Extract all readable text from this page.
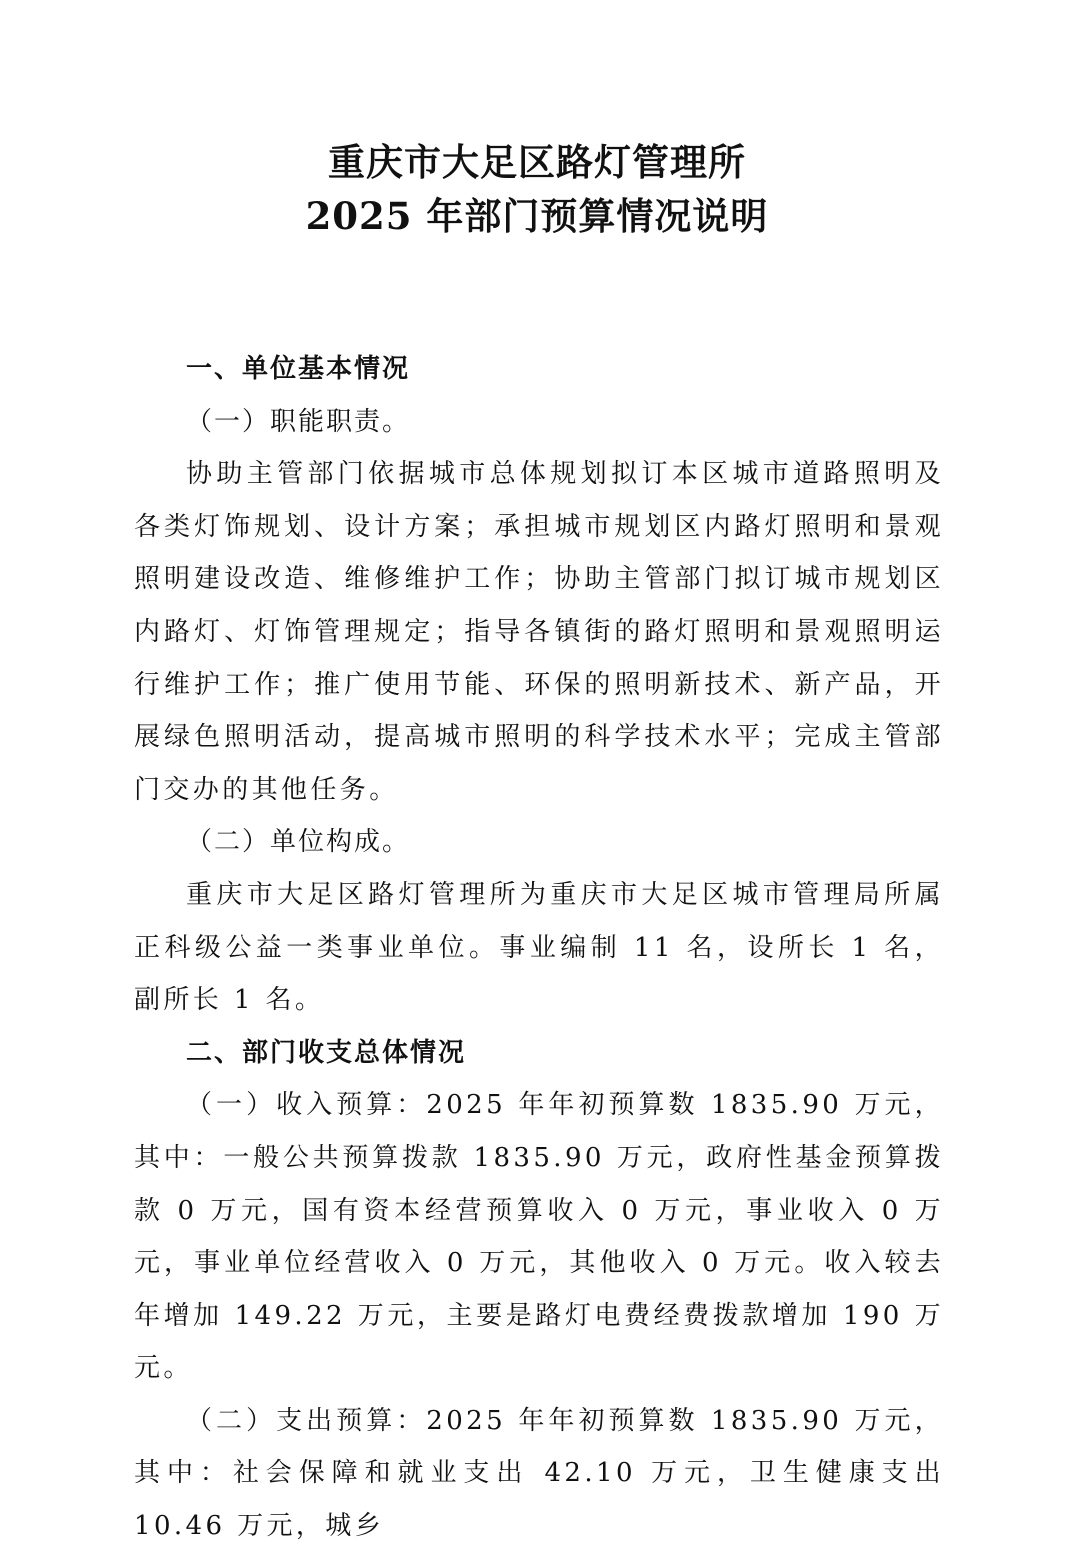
重庆市大足区路灯管理所
2025 年部门预算情况说明

一、单位基本情况

（一）职能职责。

协助主管部门依据城市总体规划拟订本区城市道路照明及各类灯饰规划、设计方案；承担城市规划区内路灯照明和景观照明建设改造、维修维护工作；协助主管部门拟订城市规划区内路灯、灯饰管理规定；指导各镇街的路灯照明和景观照明运行维护工作；推广使用节能、环保的照明新技术、新产品，开展绿色照明活动，提高城市照明的科学技术水平；完成主管部门交办的其他任务。

（二）单位构成。

重庆市大足区路灯管理所为重庆市大足区城市管理局所属正科级公益一类事业单位。事业编制 11 名，设所长 1 名，副所长 1 名。

二、部门收支总体情况

（一）收入预算：2025 年年初预算数 1835.90 万元，其中：一般公共预算拨款 1835.90 万元，政府性基金预算拨款 0 万元，国有资本经营预算收入 0 万元，事业收入 0 万元，事业单位经营收入 0 万元，其他收入 0 万元。收入较去年增加 149.22 万元，主要是路灯电费经费拨款增加 190 万元。

（二）支出预算：2025 年年初预算数 1835.90 万元，其中：社会保障和就业支出 42.10 万元，卫生健康支出 10.46 万元，城乡
